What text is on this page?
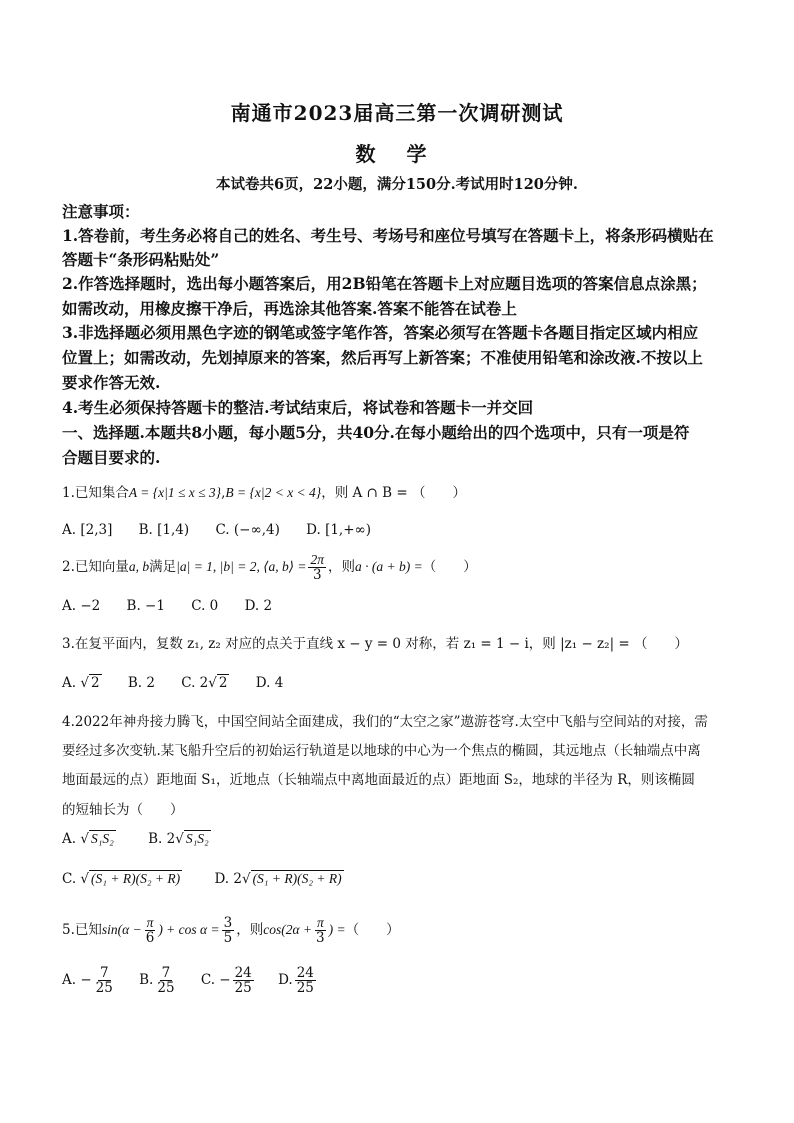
南通市2023届高三第一次调研测试
数 学
本试卷共6页，22小题，满分150分.考试用时120分钟.
注意事项：
1.答卷前，考生务必将自己的姓名、考生号、考场号和座位号填写在答题卡上，将条形码横贴在
答题卡“条形码粘贴处”
2.作答选择题时，选出每小题答案后，用2B铅笔在答题卡上对应题目选项的答案信息点涂黑；
如需改动，用橡皮擦干净后，再选涂其他答案.答案不能答在试卷上
3.非选择题必须用黑色字迹的钢笔或签字笔作答，答案必须写在答题卡各题目指定区域内相应
位置上；如需改动，先划掉原来的答案，然后再写上新答案；不准使用铅笔和涂改液.不按以上
要求作答无效.
4.考生必须保持答题卡的整洁.考试结束后，将试卷和答题卡一并交回
一、选择题.本题共8小题，每小题5分，共40分.在每小题给出的四个选项中，只有一项是符
合题目要求的.
1.已知集合A = {x|1 ≤ x ≤ 3},B = {x|2 < x < 4}，则 A ∩ B = （　　）
A. [2,3] B. [1,4) C. (−∞,4) D. [1,+∞)
2.已知向量a, b满足|a| = 1, |b| = 2, ⟨a, b⟩ = $\frac{2\pi}{3}$ ，则a · (a + b) =（　　）
A. −2 B. −1 C. 0 D. 2
3.在复平面内，复数 z₁, z₂ 对应的点关于直线 x − y = 0 对称，若 z₁ = 1 − i，则 |z₁ − z₂| = （　　）
A. √ 2 B. 2 C. 2√ 2 D. 4
4.2022年神舟接力腾飞，中国空间站全面建成，我们的“太空之家”遨游苍穹.太空中飞船与空间站的对接，需
要经过多次变轨.某飞船升空后的初始运行轨道是以地球的中心为一个焦点的椭圆，其远地点（长轴端点中离
地面最远的点）距地面 S₁，近地点（长轴端点中离地面最近的点）距地面 S₂，地球的半径为 R，则该椭圆
的短轴长为（　　）
A. √ S₁S₂	B. 2√ S₁S₂
C. √ (S₁ + R)(S₂ + R)	D. 2√ (S₁ + R)(S₂ + R)
5.已知$\sin(\alpha - \frac{\pi}{6}$ ) + $\cos \alpha = \frac{3}{5}$ ，则$\cos(2\alpha + \frac{\pi}{3}$ ) =（　　）
A. − $\frac{7}{25} B$. $\frac{7}{25} C$. − $\frac{24}{25} D$. $\frac{24}{25}$
